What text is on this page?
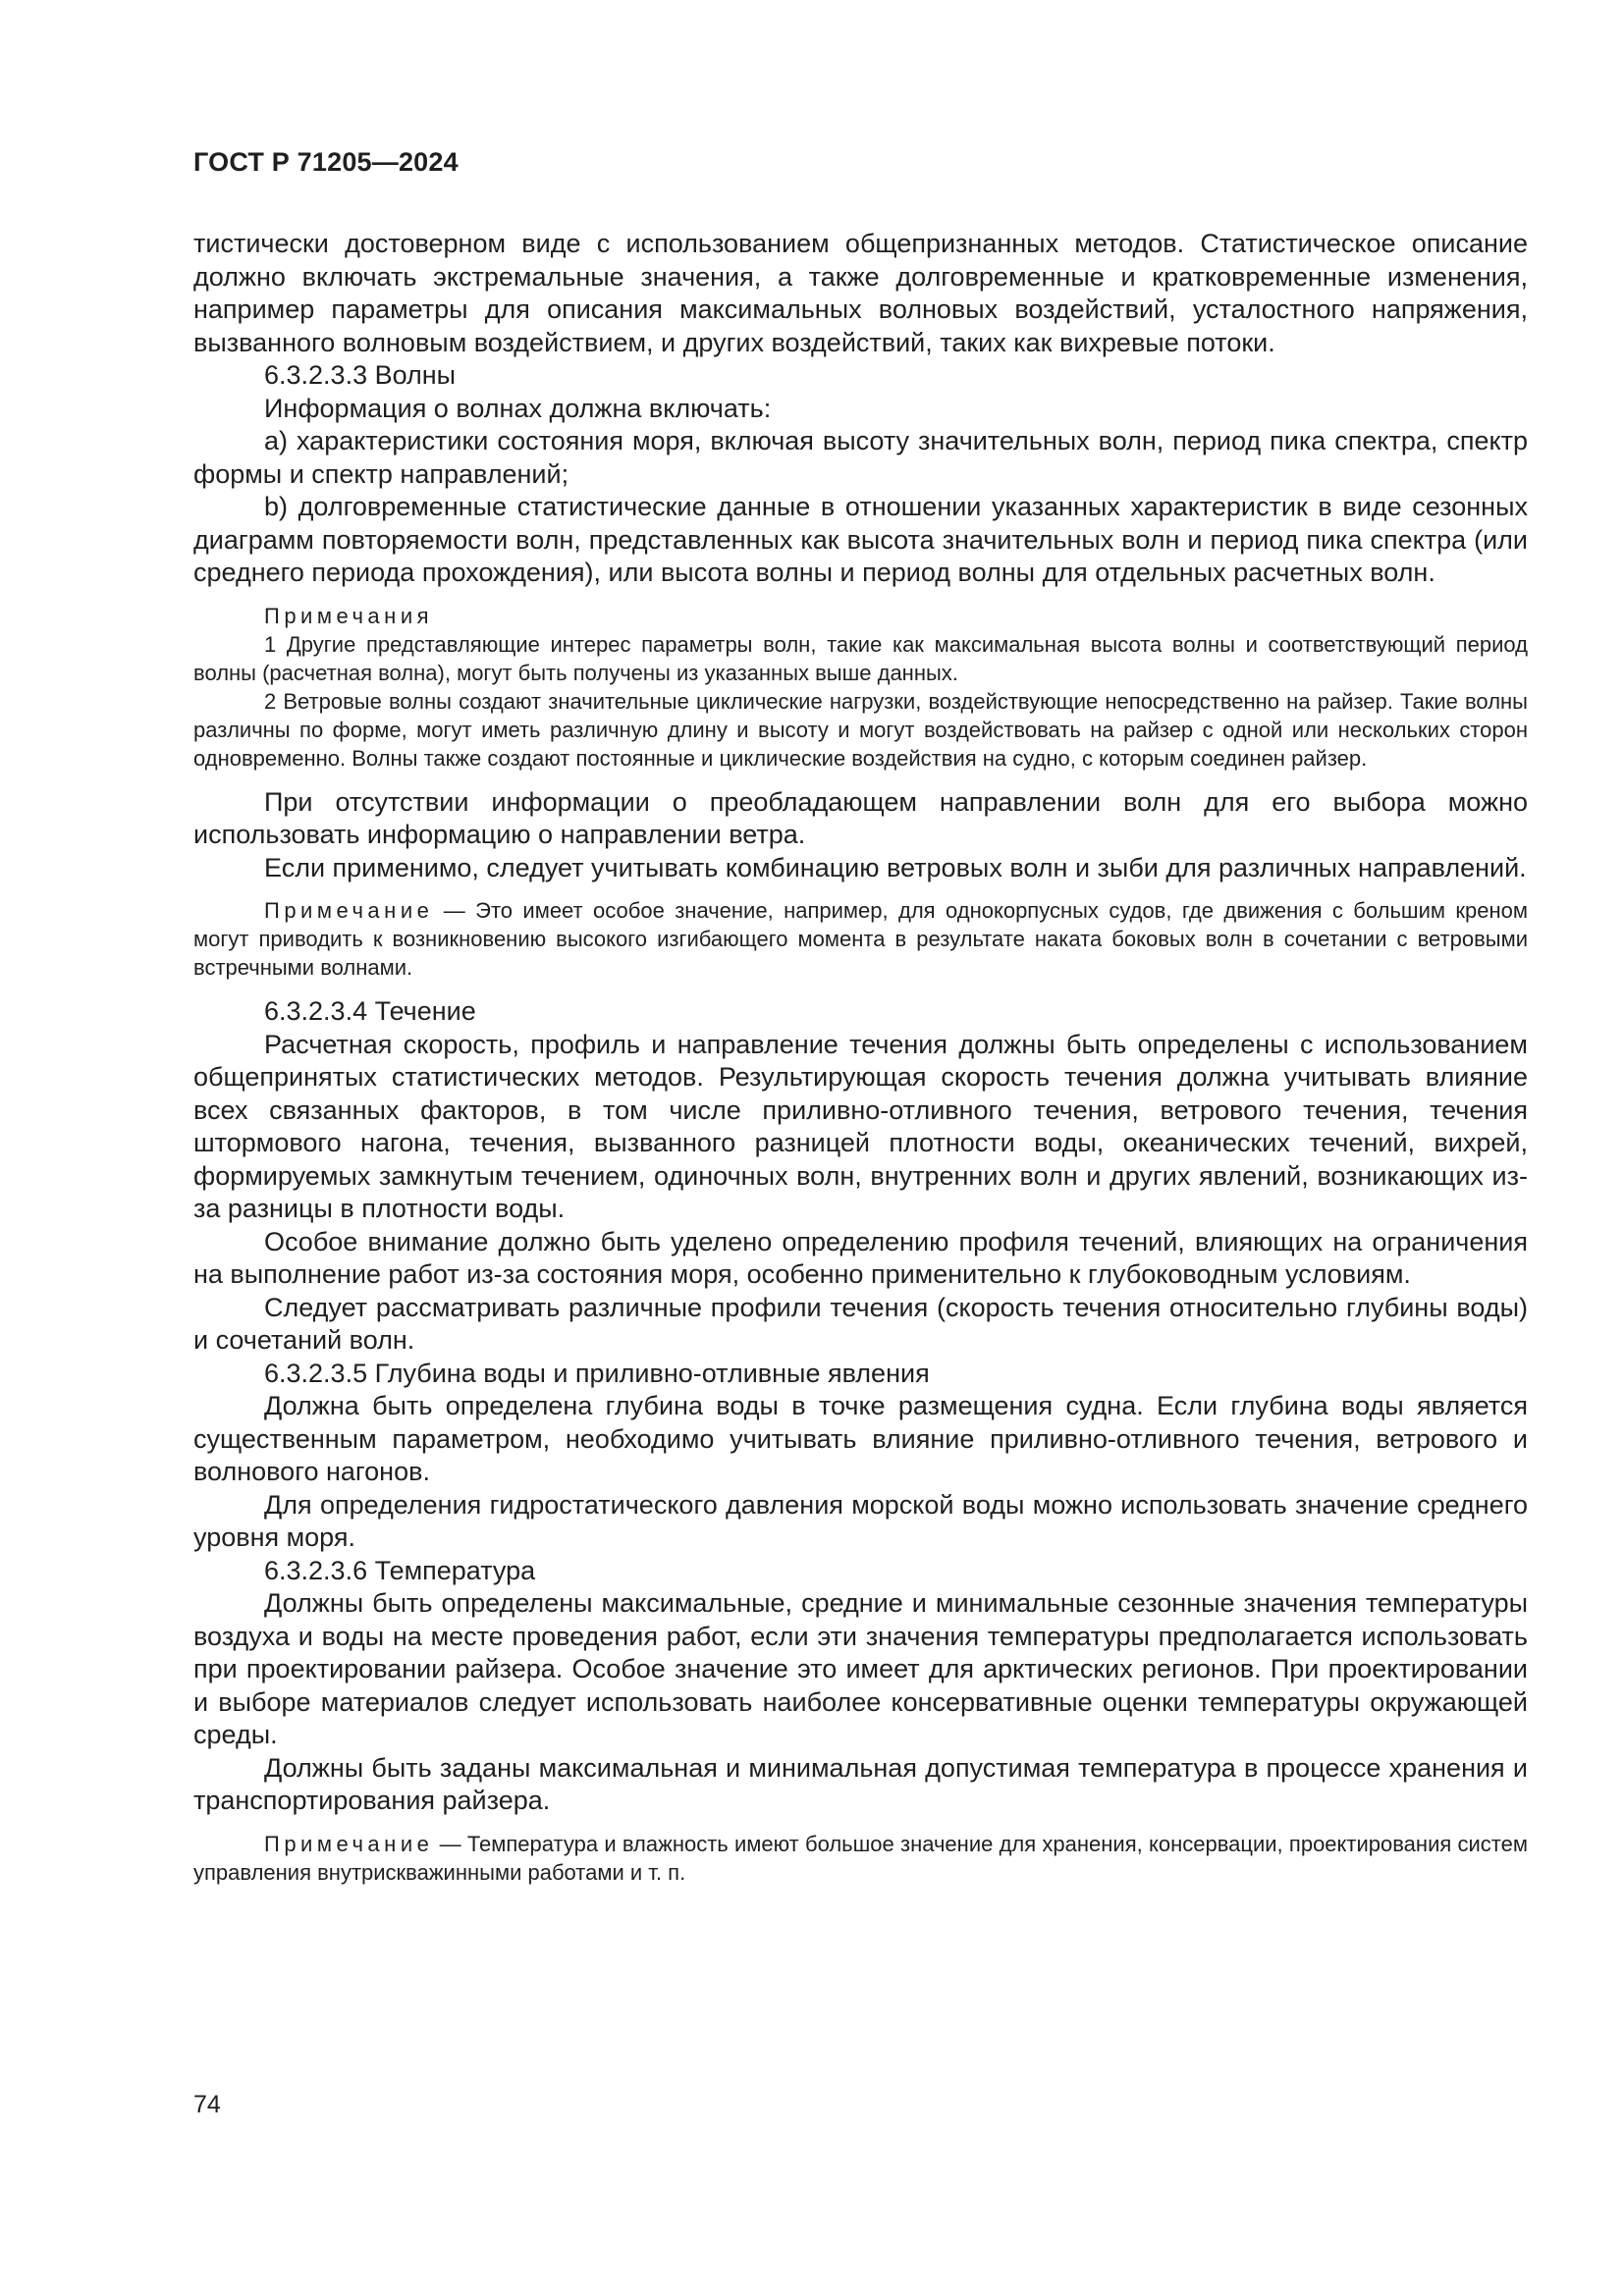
ГОСТ Р 71205—2024

тистически достоверном виде с использованием общепризнанных методов. Статистическое описание должно включать экстремальные значения, а также долговременные и кратковременные изменения, например параметры для описания максимальных волновых воздействий, усталостного напряжения, вызванного волновым воздействием, и других воздействий, таких как вихревые потоки.

6.3.2.3.3 Волны

Информация о волнах должна включать:

a) характеристики состояния моря, включая высоту значительных волн, период пика спектра, спектр формы и спектр направлений;

b) долговременные статистические данные в отношении указанных характеристик в виде сезонных диаграмм повторяемости волн, представленных как высота значительных волн и период пика спектра (или среднего периода прохождения), или высота волны и период волны для отдельных расчетных волн.

Примечания

1 Другие представляющие интерес параметры волн, такие как максимальная высота волны и соответствующий период волны (расчетная волна), могут быть получены из указанных выше данных.

2 Ветровые волны создают значительные циклические нагрузки, воздействующие непосредственно на райзер. Такие волны различны по форме, могут иметь различную длину и высоту и могут воздействовать на райзер с одной или нескольких сторон одновременно. Волны также создают постоянные и циклические воздействия на судно, с которым соединен райзер.

При отсутствии информации о преобладающем направлении волн для его выбора можно использовать информацию о направлении ветра.

Если применимо, следует учитывать комбинацию ветровых волн и зыби для различных направлений.

Примечание — Это имеет особое значение, например, для однокорпусных судов, где движения с большим креном могут приводить к возникновению высокого изгибающего момента в результате наката боковых волн в сочетании с ветровыми встречными волнами.

6.3.2.3.4 Течение

Расчетная скорость, профиль и направление течения должны быть определены с использованием общепринятых статистических методов. Результирующая скорость течения должна учитывать влияние всех связанных факторов, в том числе приливно-отливного течения, ветрового течения, течения штормового нагона, течения, вызванного разницей плотности воды, океанических течений, вихрей, формируемых замкнутым течением, одиночных волн, внутренних волн и других явлений, возникающих из-за разницы в плотности воды.

Особое внимание должно быть уделено определению профиля течений, влияющих на ограничения на выполнение работ из-за состояния моря, особенно применительно к глубоководным условиям.

Следует рассматривать различные профили течения (скорость течения относительно глубины воды) и сочетаний волн.

6.3.2.3.5 Глубина воды и приливно-отливные явления

Должна быть определена глубина воды в точке размещения судна. Если глубина воды является существенным параметром, необходимо учитывать влияние приливно-отливного течения, ветрового и волнового нагонов.

Для определения гидростатического давления морской воды можно использовать значение среднего уровня моря.

6.3.2.3.6 Температура

Должны быть определены максимальные, средние и минимальные сезонные значения температуры воздуха и воды на месте проведения работ, если эти значения температуры предполагается использовать при проектировании райзера. Особое значение это имеет для арктических регионов. При проектировании и выборе материалов следует использовать наиболее консервативные оценки температуры окружающей среды.

Должны быть заданы максимальная и минимальная допустимая температура в процессе хранения и транспортирования райзера.

Примечание — Температура и влажность имеют большое значение для хранения, консервации, проектирования систем управления внутрискважинными работами и т. п.

74
